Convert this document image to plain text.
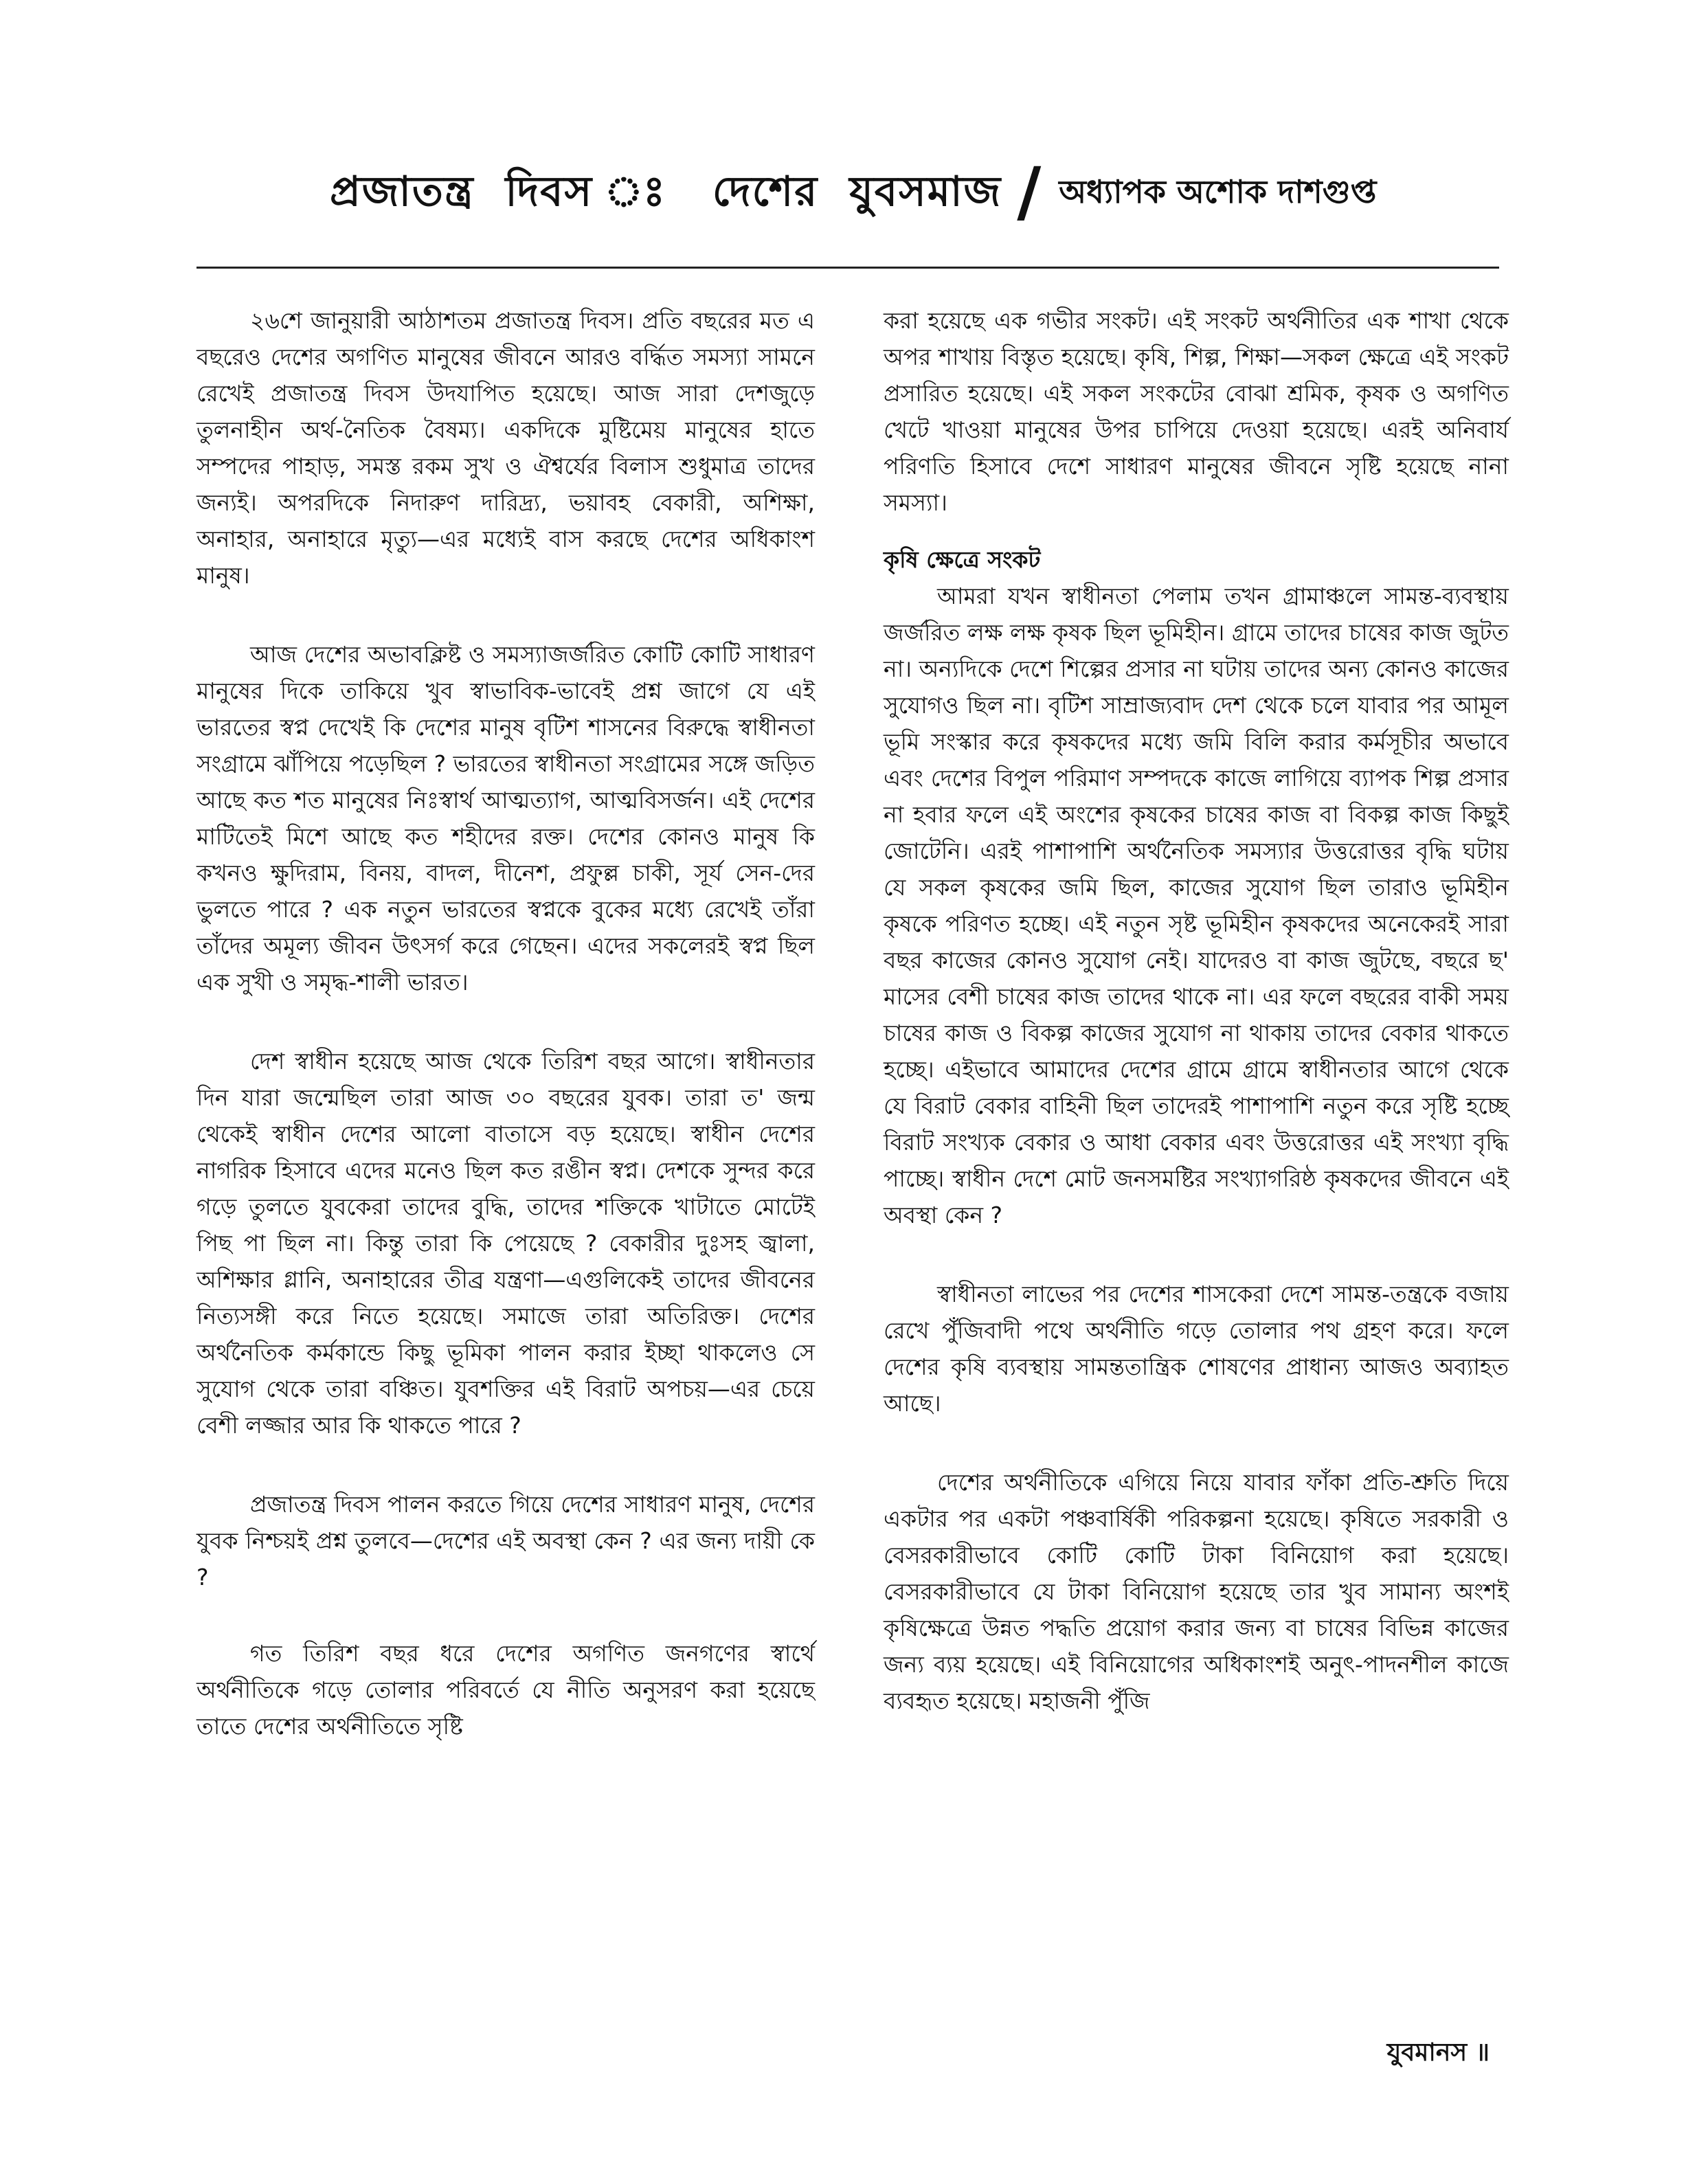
প্রজাতন্ত্র দিবস ঃ দেশের যুবসমাজ / অধ্যাপক অশোক দাশগুপ্ত

২৬শে জানুয়ারী আঠাশতম প্রজাতন্ত্র দিবস। প্রতি বছরের মত এ বছরেও দেশের অগণিত মানুষের জীবনে আরও বর্দ্ধিত সমস্যা সামনে রেখেই প্রজাতন্ত্র দিবস উদযাপিত হয়েছে। আজ সারা দেশজুড়ে তুলনাহীন অর্থ-নৈতিক বৈষম্য। একদিকে মুষ্টিমেয় মানুষের হাতে সম্পদের পাহাড়, সমস্ত রকম সুখ ও ঐশ্বর্যের বিলাস শুধুমাত্র তাদের জন্যই। অপরদিকে নিদারুণ দারিদ্র্য, ভয়াবহ বেকারী, অশিক্ষা, অনাহার, অনাহারে মৃত্যু—এর মধ্যেই বাস করছে দেশের অধিকাংশ মানুষ।

আজ দেশের অভাবক্লিষ্ট ও সমস্যাজর্জরিত কোটি কোটি সাধারণ মানুষের দিকে তাকিয়ে খুব স্বাভাবিক-ভাবেই প্রশ্ন জাগে যে এই ভারতের স্বপ্ন দেখেই কি দেশের মানুষ বৃটিশ শাসনের বিরুদ্ধে স্বাধীনতা সংগ্রামে ঝাঁপিয়ে পড়েছিল ? ভারতের স্বাধীনতা সংগ্রামের সঙ্গে জড়িত আছে কত শত মানুষের নিঃস্বার্থ আত্মত্যাগ, আত্মবিসর্জন। এই দেশের মাটিতেই মিশে আছে কত শহীদের রক্ত। দেশের কোনও মানুষ কি কখনও ক্ষুদিরাম, বিনয়, বাদল, দীনেশ, প্রফুল্ল চাকী, সূর্য সেন-দের ভুলতে পারে ? এক নতুন ভারতের স্বপ্নকে বুকের মধ্যে রেখেই তাঁরা তাঁদের অমূল্য জীবন উৎসর্গ করে গেছেন। এদের সকলেরই স্বপ্ন ছিল এক সুখী ও সমৃদ্ধ-শালী ভারত।

দেশ স্বাধীন হয়েছে আজ থেকে তিরিশ বছর আগে। স্বাধীনতার দিন যারা জন্মেছিল তারা আজ ৩০ বছরের যুবক। তারা ত' জন্ম থেকেই স্বাধীন দেশের আলো বাতাসে বড় হয়েছে। স্বাধীন দেশের নাগরিক হিসাবে এদের মনেও ছিল কত রঙীন স্বপ্ন। দেশকে সুন্দর করে গড়ে তুলতে যুবকেরা তাদের বুদ্ধি, তাদের শক্তিকে খাটাতে মোটেই পিছ পা ছিল না। কিন্তু তারা কি পেয়েছে ? বেকারীর দুঃসহ জ্বালা, অশিক্ষার গ্লানি, অনাহারের তীব্র যন্ত্রণা—এগুলিকেই তাদের জীবনের নিত্যসঙ্গী করে নিতে হয়েছে। সমাজে তারা অতিরিক্ত। দেশের অর্থনৈতিক কর্মকান্ডে কিছু ভূমিকা পালন করার ইচ্ছা থাকলেও সে সুযোগ থেকে তারা বঞ্চিত। যুবশক্তির এই বিরাট অপচয়—এর চেয়ে বেশী লজ্জার আর কি থাকতে পারে ?

প্রজাতন্ত্র দিবস পালন করতে গিয়ে দেশের সাধারণ মানুষ, দেশের যুবক নিশ্চয়ই প্রশ্ন তুলবে—দেশের এই অবস্থা কেন ? এর জন্য দায়ী কে ?

গত তিরিশ বছর ধরে দেশের অগণিত জনগণের স্বার্থে অর্থনীতিকে গড়ে তোলার পরিবর্তে যে নীতি অনুসরণ করা হয়েছে তাতে দেশের অর্থনীতিতে সৃষ্টি

করা হয়েছে এক গভীর সংকট। এই সংকট অর্থনীতির এক শাখা থেকে অপর শাখায় বিস্তৃত হয়েছে। কৃষি, শিল্প, শিক্ষা—সকল ক্ষেত্রে এই সংকট প্রসারিত হয়েছে। এই সকল সংকটের বোঝা শ্রমিক, কৃষক ও অগণিত খেটে খাওয়া মানুষের উপর চাপিয়ে দেওয়া হয়েছে। এরই অনিবার্য পরিণতি হিসাবে দেশে সাধারণ মানুষের জীবনে সৃষ্টি হয়েছে নানা সমস্যা।

কৃষি ক্ষেত্রে সংকট

আমরা যখন স্বাধীনতা পেলাম তখন গ্রামাঞ্চলে সামন্ত-ব্যবস্থায় জর্জরিত লক্ষ লক্ষ কৃষক ছিল ভূমিহীন। গ্রামে তাদের চাষের কাজ জুটত না। অন্যদিকে দেশে শিল্পের প্রসার না ঘটায় তাদের অন্য কোনও কাজের সুযোগও ছিল না। বৃটিশ সাম্রাজ্যবাদ দেশ থেকে চলে যাবার পর আমূল ভূমি সংস্কার করে কৃষকদের মধ্যে জমি বিলি করার কর্মসূচীর অভাবে এবং দেশের বিপুল পরিমাণ সম্পদকে কাজে লাগিয়ে ব্যাপক শিল্প প্রসার না হবার ফলে এই অংশের কৃষকের চাষের কাজ বা বিকল্প কাজ কিছুই জোটেনি। এরই পাশাপাশি অর্থনৈতিক সমস্যার উত্তরোত্তর বৃদ্ধি ঘটায় যে সকল কৃষকের জমি ছিল, কাজের সুযোগ ছিল তারাও ভূমিহীন কৃষকে পরিণত হচ্ছে। এই নতুন সৃষ্ট ভূমিহীন কৃষকদের অনেকেরই সারা বছর কাজের কোনও সুযোগ নেই। যাদেরও বা কাজ জুটছে, বছরে ছ' মাসের বেশী চাষের কাজ তাদের থাকে না। এর ফলে বছরের বাকী সময় চাষের কাজ ও বিকল্প কাজের সুযোগ না থাকায় তাদের বেকার থাকতে হচ্ছে। এইভাবে আমাদের দেশের গ্রামে গ্রামে স্বাধীনতার আগে থেকে যে বিরাট বেকার বাহিনী ছিল তাদেরই পাশাপাশি নতুন করে সৃষ্টি হচ্ছে বিরাট সংখ্যক বেকার ও আধা বেকার এবং উত্তরোত্তর এই সংখ্যা বৃদ্ধি পাচ্ছে। স্বাধীন দেশে মোট জনসমষ্টির সংখ্যাগরিষ্ঠ কৃষকদের জীবনে এই অবস্থা কেন ?

স্বাধীনতা লাভের পর দেশের শাসকেরা দেশে সামন্ত-তন্ত্রকে বজায় রেখে পুঁজিবাদী পথে অর্থনীতি গড়ে তোলার পথ গ্রহণ করে। ফলে দেশের কৃষি ব্যবস্থায় সামন্ততান্ত্রিক শোষণের প্রাধান্য আজও অব্যাহত আছে।

দেশের অর্থনীতিকে এগিয়ে নিয়ে যাবার ফাঁকা প্রতি-শ্রুতি দিয়ে একটার পর একটা পঞ্চবার্ষিকী পরিকল্পনা হয়েছে। কৃষিতে সরকারী ও বেসরকারীভাবে কোটি কোটি টাকা বিনিয়োগ করা হয়েছে। বেসরকারীভাবে যে টাকা বিনিয়োগ হয়েছে তার খুব সামান্য অংশই কৃষিক্ষেত্রে উন্নত পদ্ধতি প্রয়োগ করার জন্য বা চাষের বিভিন্ন কাজের জন্য ব্যয় হয়েছে। এই বিনিয়োগের অধিকাংশই অনুৎ-পাদনশীল কাজে ব্যবহৃত হয়েছে। মহাজনী পুঁজি

যুবমানস ॥
